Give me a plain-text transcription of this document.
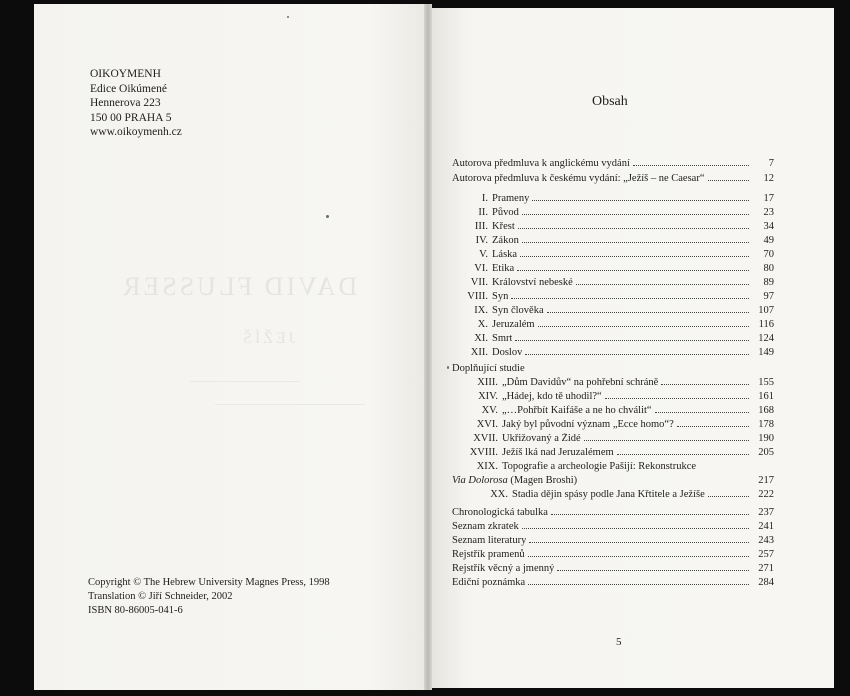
OIKOYMENH
Edice Oikúmené
Hennerova 223
150 00 PRAHA 5
www.oikoymenh.cz
DAVID FLUSSER
JEŽÍŠ
Copyright © The Hebrew University Magnes Press, 1998
Translation © Jiří Schneider, 2002
ISBN 80-86005-041-6
Obsah
Autorova předmluva k anglickému vydání	7
Autorova předmluva k českému vydání: „Ježíš – ne Caesar“	12
I. Prameny	17
II. Původ	23
III. Křest	34
IV. Zákon	49
V. Láska	70
VI. Etika	80
VII. Království nebeské	89
VIII. Syn	97
IX. Syn člověka	107
X. Jeruzalém	116
XI. Smrt	124
XII. Doslov	149
Doplňující studie
XIII. „Dům Davidův“ na pohřební schráně	155
XIV. „Hádej, kdo tě uhodil?“	161
XV. „…Pohřbít Kaifáše a ne ho chválit“	168
XVI. Jaký byl původní význam „Ecce homo“?	178
XVII. Ukřižovaný a Židé	190
XVIII. Ježíš lká nad Jeruzalémem	205
XIX. Topografie a archeologie Pašijí: Rekonstrukce
Via Dolorosa (Magen Broshi)	217
XX. Stadia dějin spásy podle Jana Křtitele a Ježíše	222
Chronologická tabulka	237
Seznam zkratek	241
Seznam literatury	243
Rejstřík pramenů	257
Rejstřík věcný a jmenný	271
Ediční poznámka	284
5
